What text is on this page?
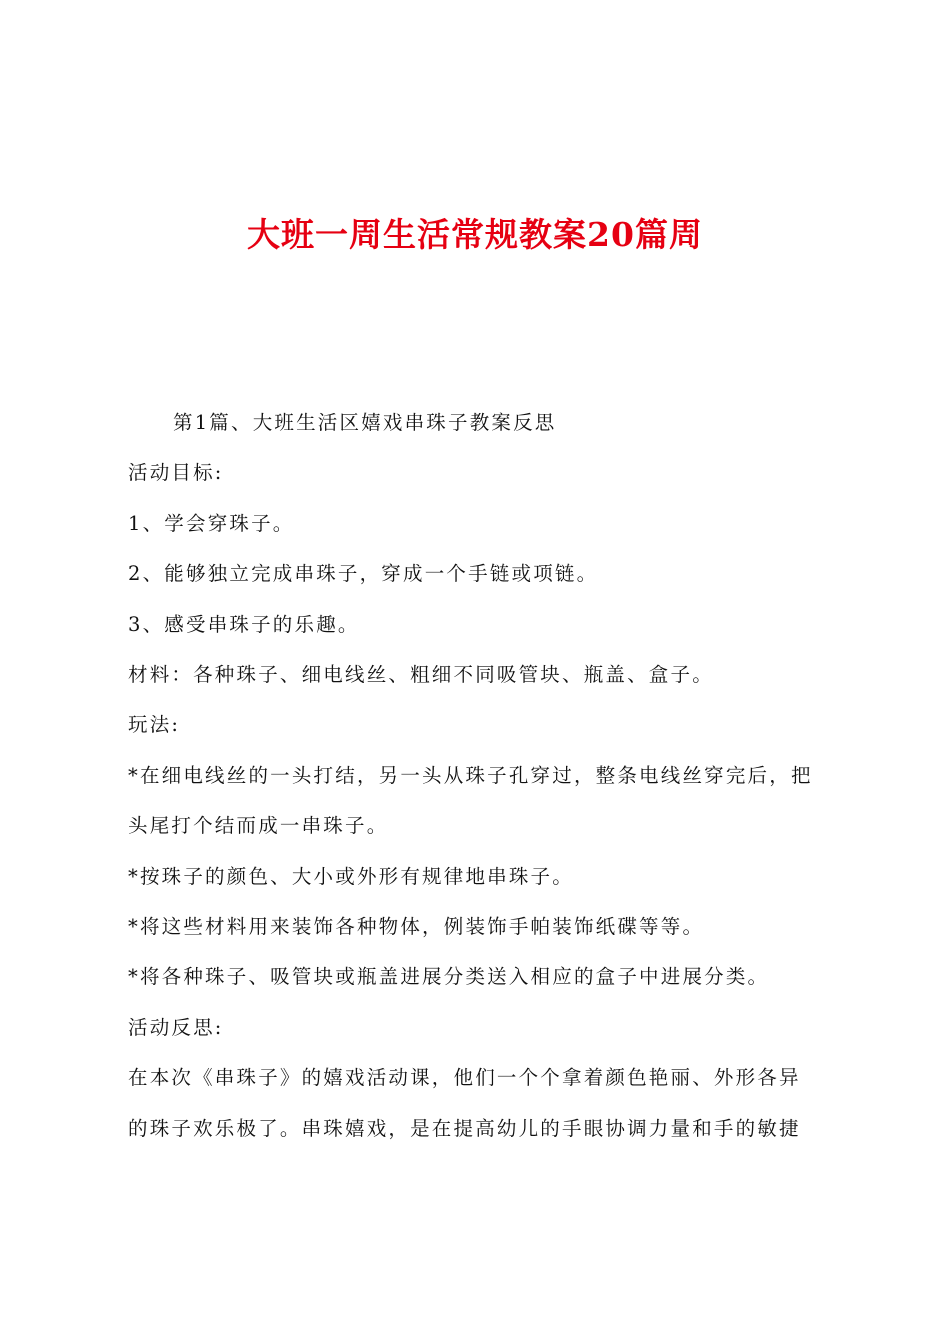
大班一周生活常规教案20篇周

第1篇、大班生活区嬉戏串珠子教案反思

活动目标:

1、学会穿珠子。

2、能够独立完成串珠子，穿成一个手链或项链。

3、感受串珠子的乐趣。

材料：各种珠子、细电线丝、粗细不同吸管块、瓶盖、盒子。

玩法:

*在细电线丝的一头打结，另一头从珠子孔穿过，整条电线丝穿完后，把

头尾打个结而成一串珠子。

*按珠子的颜色、大小或外形有规律地串珠子。

*将这些材料用来装饰各种物体，例装饰手帕装饰纸碟等等。

*将各种珠子、吸管块或瓶盖进展分类送入相应的盒子中进展分类。

活动反思:

在本次《串珠子》的嬉戏活动课，他们一个个拿着颜色艳丽、外形各异

的珠子欢乐极了。串珠嬉戏，是在提高幼儿的手眼协调力量和手的敏捷
